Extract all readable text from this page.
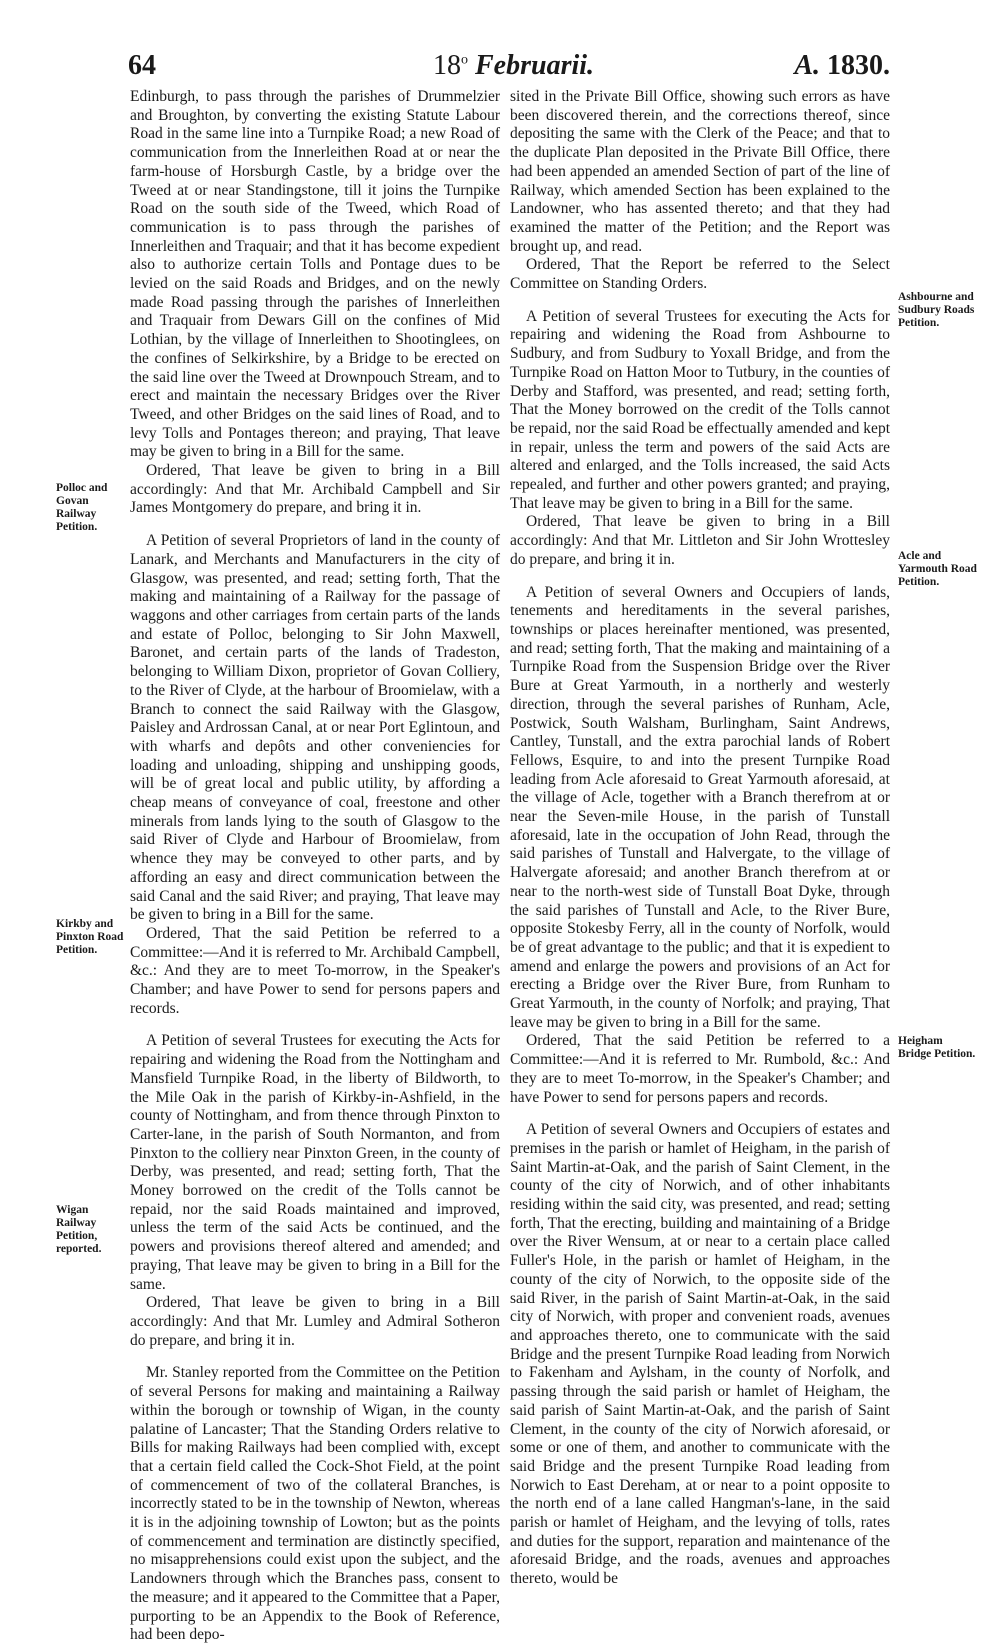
64	18$^o$ Februarii.	A. 1830.

Edinburgh, to pass through the parishes of Drummelzier and Broughton, by converting the existing Statute Labour Road in the same line into a Turnpike Road; a new Road of communication from the Innerleithen Road at or near the farm-house of Horsburgh Castle, by a bridge over the Tweed at or near Standingstone, till it joins the Turnpike Road on the south side of the Tweed, which Road of communication is to pass through the parishes of Innerleithen and Traquair; and that it has become expedient also to authorize certain Tolls and Pontage dues to be levied on the said Roads and Bridges, and on the newly made Road passing through the parishes of Innerleithen and Traquair from Dewars Gill on the confines of Mid Lothian, by the village of Innerleithen to Shootinglees, on the confines of Selkirkshire, by a Bridge to be erected on the said line over the Tweed at Drownpouch Stream, and to erect and maintain the necessary Bridges over the River Tweed, and other Bridges on the said lines of Road, and to levy Tolls and Pontages thereon; and praying, That leave may be given to bring in a Bill for the same.

Ordered, That leave be given to bring in a Bill accordingly: And that Mr. Archibald Campbell and Sir James Montgomery do prepare, and bring it in.

A Petition of several Proprietors of land in the county of Lanark, and Merchants and Manufacturers in the city of Glasgow, was presented, and read; setting forth, That the making and maintaining of a Railway for the passage of waggons and other carriages from certain parts of the lands and estate of Polloc, belonging to Sir John Maxwell, Baronet, and certain parts of the lands of Tradeston, belonging to William Dixon, proprietor of Govan Colliery, to the River of Clyde, at the harbour of Broomielaw, with a Branch to connect the said Railway with the Glasgow, Paisley and Ardrossan Canal, at or near Port Eglintoun, and with wharfs and depôts and other conveniencies for loading and unloading, shipping and unshipping goods, will be of great local and public utility, by affording a cheap means of conveyance of coal, freestone and other minerals from lands lying to the south of Glasgow to the said River of Clyde and Harbour of Broomielaw, from whence they may be conveyed to other parts, and by affording an easy and direct communication between the said Canal and the said River; and praying, That leave may be given to bring in a Bill for the same.

Ordered, That the said Petition be referred to a Committee:—And it is referred to Mr. Archibald Campbell, &c.: And they are to meet To-morrow, in the Speaker's Chamber; and have Power to send for persons papers and records.

A Petition of several Trustees for executing the Acts for repairing and widening the Road from the Nottingham and Mansfield Turnpike Road, in the liberty of Bildworth, to the Mile Oak in the parish of Kirkby-in-Ashfield, in the county of Nottingham, and from thence through Pinxton to Carter-lane, in the parish of South Normanton, and from Pinxton to the colliery near Pinxton Green, in the county of Derby, was presented, and read; setting forth, That the Money borrowed on the credit of the Tolls cannot be repaid, nor the said Roads maintained and improved, unless the term of the said Acts be continued, and the powers and provisions thereof altered and amended; and praying, That leave may be given to bring in a Bill for the same.

Ordered, That leave be given to bring in a Bill accordingly: And that Mr. Lumley and Admiral Sotheron do prepare, and bring it in.

Mr. Stanley reported from the Committee on the Petition of several Persons for making and maintaining a Railway within the borough or township of Wigan, in the county palatine of Lancaster; That the Standing Orders relative to Bills for making Railways had been complied with, except that a certain field called the Cock-Shot Field, at the point of commencement of two of the collateral Branches, is incorrectly stated to be in the township of Newton, whereas it is in the adjoining township of Lowton; but as the points of commencement and termination are distinctly specified, no misapprehensions could exist upon the subject, and the Landowners through which the Branches pass, consent to the measure; and it appeared to the Committee that a Paper, purporting to be an Appendix to the Book of Reference, had been depo-

sited in the Private Bill Office, showing such errors as have been discovered therein, and the corrections thereof, since depositing the same with the Clerk of the Peace; and that to the duplicate Plan deposited in the Private Bill Office, there had been appended an amended Section of part of the line of Railway, which amended Section has been explained to the Landowner, who has assented thereto; and that they had examined the matter of the Petition; and the Report was brought up, and read.

Ordered, That the Report be referred to the Select Committee on Standing Orders.

A Petition of several Trustees for executing the Acts for repairing and widening the Road from Ashbourne to Sudbury, and from Sudbury to Yoxall Bridge, and from the Turnpike Road on Hatton Moor to Tutbury, in the counties of Derby and Stafford, was presented, and read; setting forth, That the Money borrowed on the credit of the Tolls cannot be repaid, nor the said Road be effectually amended and kept in repair, unless the term and powers of the said Acts are altered and enlarged, and the Tolls increased, the said Acts repealed, and further and other powers granted; and praying, That leave may be given to bring in a Bill for the same.

Ordered, That leave be given to bring in a Bill accordingly: And that Mr. Littleton and Sir John Wrottesley do prepare, and bring it in.

A Petition of several Owners and Occupiers of lands, tenements and hereditaments in the several parishes, townships or places hereinafter mentioned, was presented, and read; setting forth, That the making and maintaining of a Turnpike Road from the Suspension Bridge over the River Bure at Great Yarmouth, in a northerly and westerly direction, through the several parishes of Runham, Acle, Postwick, South Walsham, Burlingham, Saint Andrews, Cantley, Tunstall, and the extra parochial lands of Robert Fellows, Esquire, to and into the present Turnpike Road leading from Acle aforesaid to Great Yarmouth aforesaid, at the village of Acle, together with a Branch therefrom at or near the Seven-mile House, in the parish of Tunstall aforesaid, late in the occupation of John Read, through the said parishes of Tunstall and Halvergate, to the village of Halvergate aforesaid; and another Branch therefrom at or near to the north-west side of Tunstall Boat Dyke, through the said parishes of Tunstall and Acle, to the River Bure, opposite Stokesby Ferry, all in the county of Norfolk, would be of great advantage to the public; and that it is expedient to amend and enlarge the powers and provisions of an Act for erecting a Bridge over the River Bure, from Runham to Great Yarmouth, in the county of Norfolk; and praying, That leave may be given to bring in a Bill for the same.

Ordered, That the said Petition be referred to a Committee:—And it is referred to Mr. Rumbold, &c.: And they are to meet To-morrow, in the Speaker's Chamber; and have Power to send for persons papers and records.

A Petition of several Owners and Occupiers of estates and premises in the parish or hamlet of Heigham, in the parish of Saint Martin-at-Oak, and the parish of Saint Clement, in the county of the city of Norwich, and of other inhabitants residing within the said city, was presented, and read; setting forth, That the erecting, building and maintaining of a Bridge over the River Wensum, at or near to a certain place called Fuller's Hole, in the parish or hamlet of Heigham, in the county of the city of Norwich, to the opposite side of the said River, in the parish of Saint Martin-at-Oak, in the said city of Norwich, with proper and convenient roads, avenues and approaches thereto, one to communicate with the said Bridge and the present Turnpike Road leading from Norwich to Fakenham and Aylsham, in the county of Norfolk, and passing through the said parish or hamlet of Heigham, the said parish of Saint Martin-at-Oak, and the parish of Saint Clement, in the county of the city of Norwich aforesaid, or some or one of them, and another to communicate with the said Bridge and the present Turnpike Road leading from Norwich to East Dereham, at or near to a point opposite to the north end of a lane called Hangman's-lane, in the said parish or hamlet of Heigham, and the levying of tolls, rates and duties for the support, reparation and maintenance of the aforesaid Bridge, and the roads, avenues and approaches thereto, would be

Polloc and Govan Railway Petition.
Kirkby and Pinxton Road Petition.
Wigan Railway Petition, reported.
Ashbourne and Sudbury Roads Petition.
Acle and Yarmouth Road Petition.
Heigham Bridge Petition.
